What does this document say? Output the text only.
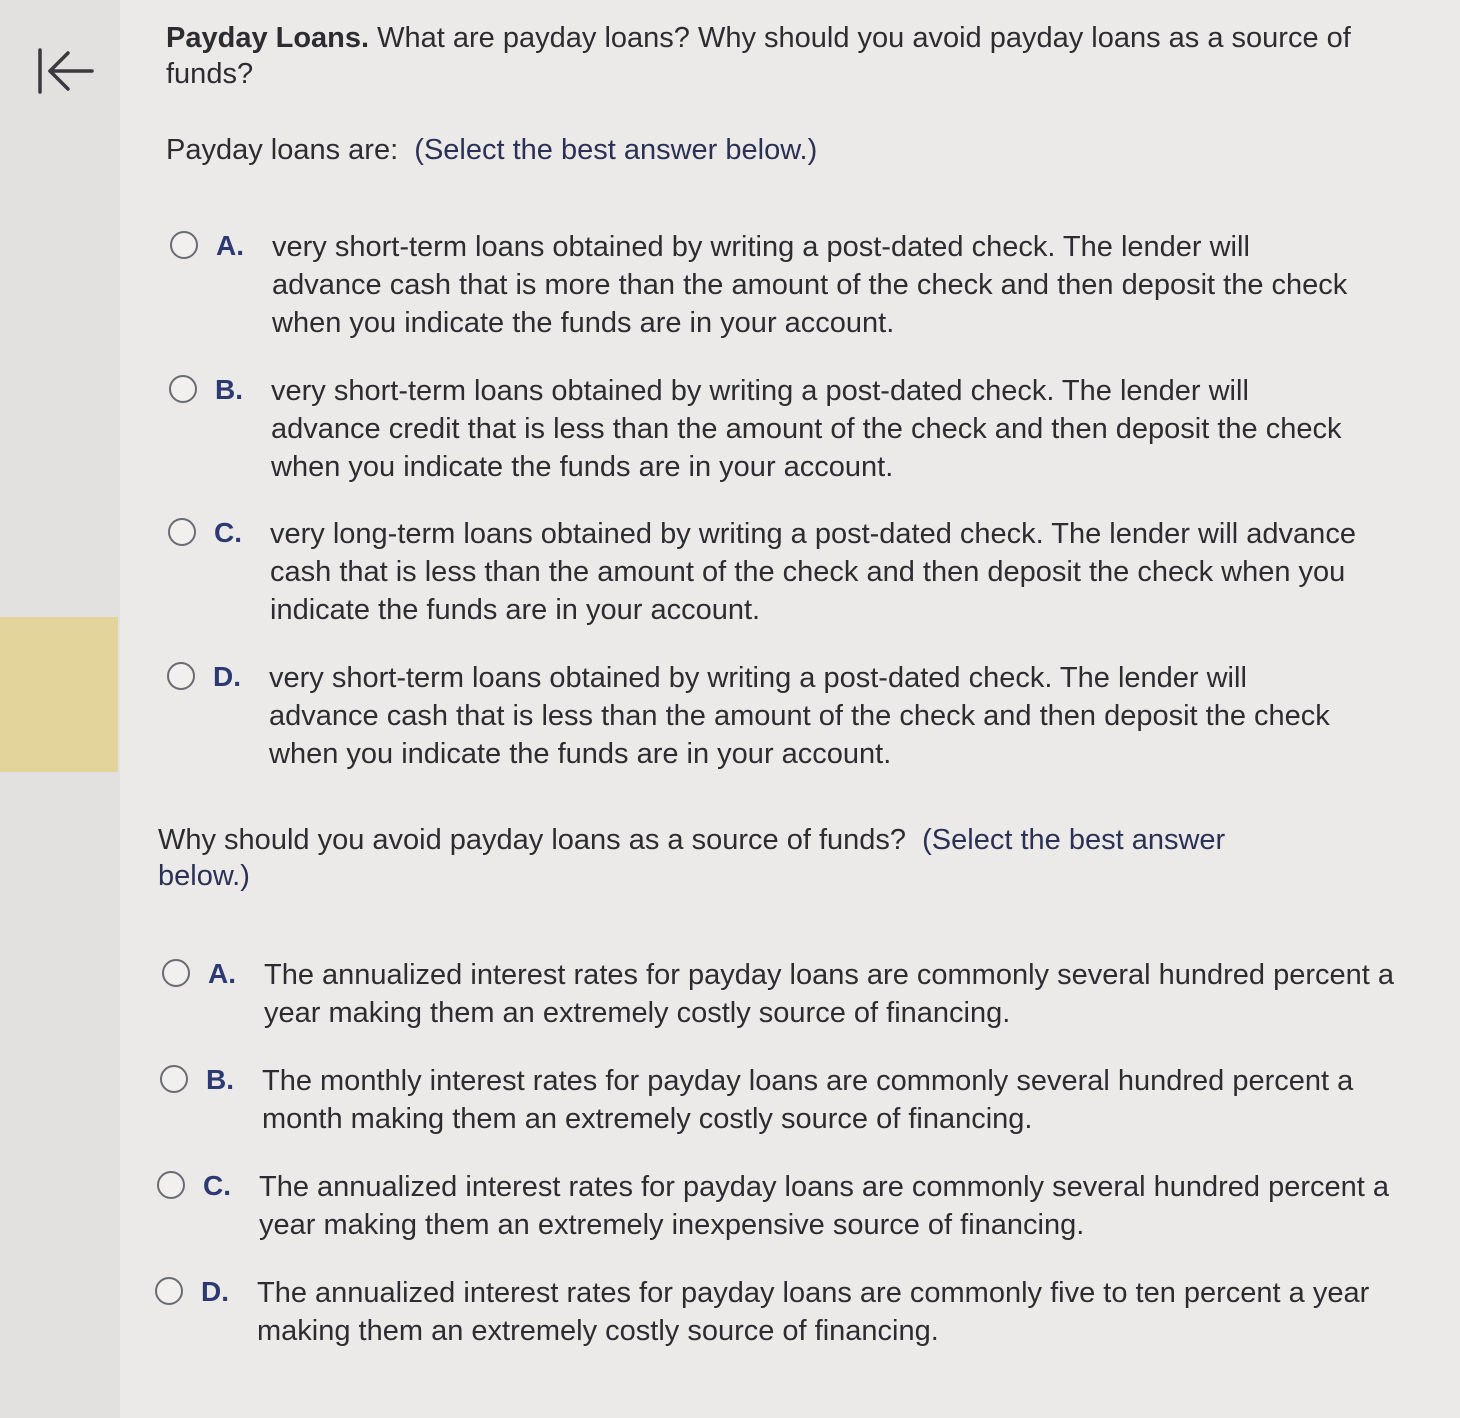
Payday Loans. What are payday loans? Why should you avoid payday loans as a source of funds?

Payday loans are: (Select the best answer below.)

A. very short-term loans obtained by writing a post-dated check. The lender will advance cash that is more than the amount of the check and then deposit the check when you indicate the funds are in your account.

B. very short-term loans obtained by writing a post-dated check. The lender will advance credit that is less than the amount of the check and then deposit the check when you indicate the funds are in your account.

C. very long-term loans obtained by writing a post-dated check. The lender will advance cash that is less than the amount of the check and then deposit the check when you indicate the funds are in your account.

D. very short-term loans obtained by writing a post-dated check. The lender will advance cash that is less than the amount of the check and then deposit the check when you indicate the funds are in your account.

Why should you avoid payday loans as a source of funds? (Select the best answer below.)

A. The annualized interest rates for payday loans are commonly several hundred percent a year making them an extremely costly source of financing.

B. The monthly interest rates for payday loans are commonly several hundred percent a month making them an extremely costly source of financing.

C. The annualized interest rates for payday loans are commonly several hundred percent a year making them an extremely inexpensive source of financing.

D. The annualized interest rates for payday loans are commonly five to ten percent a year making them an extremely costly source of financing.
